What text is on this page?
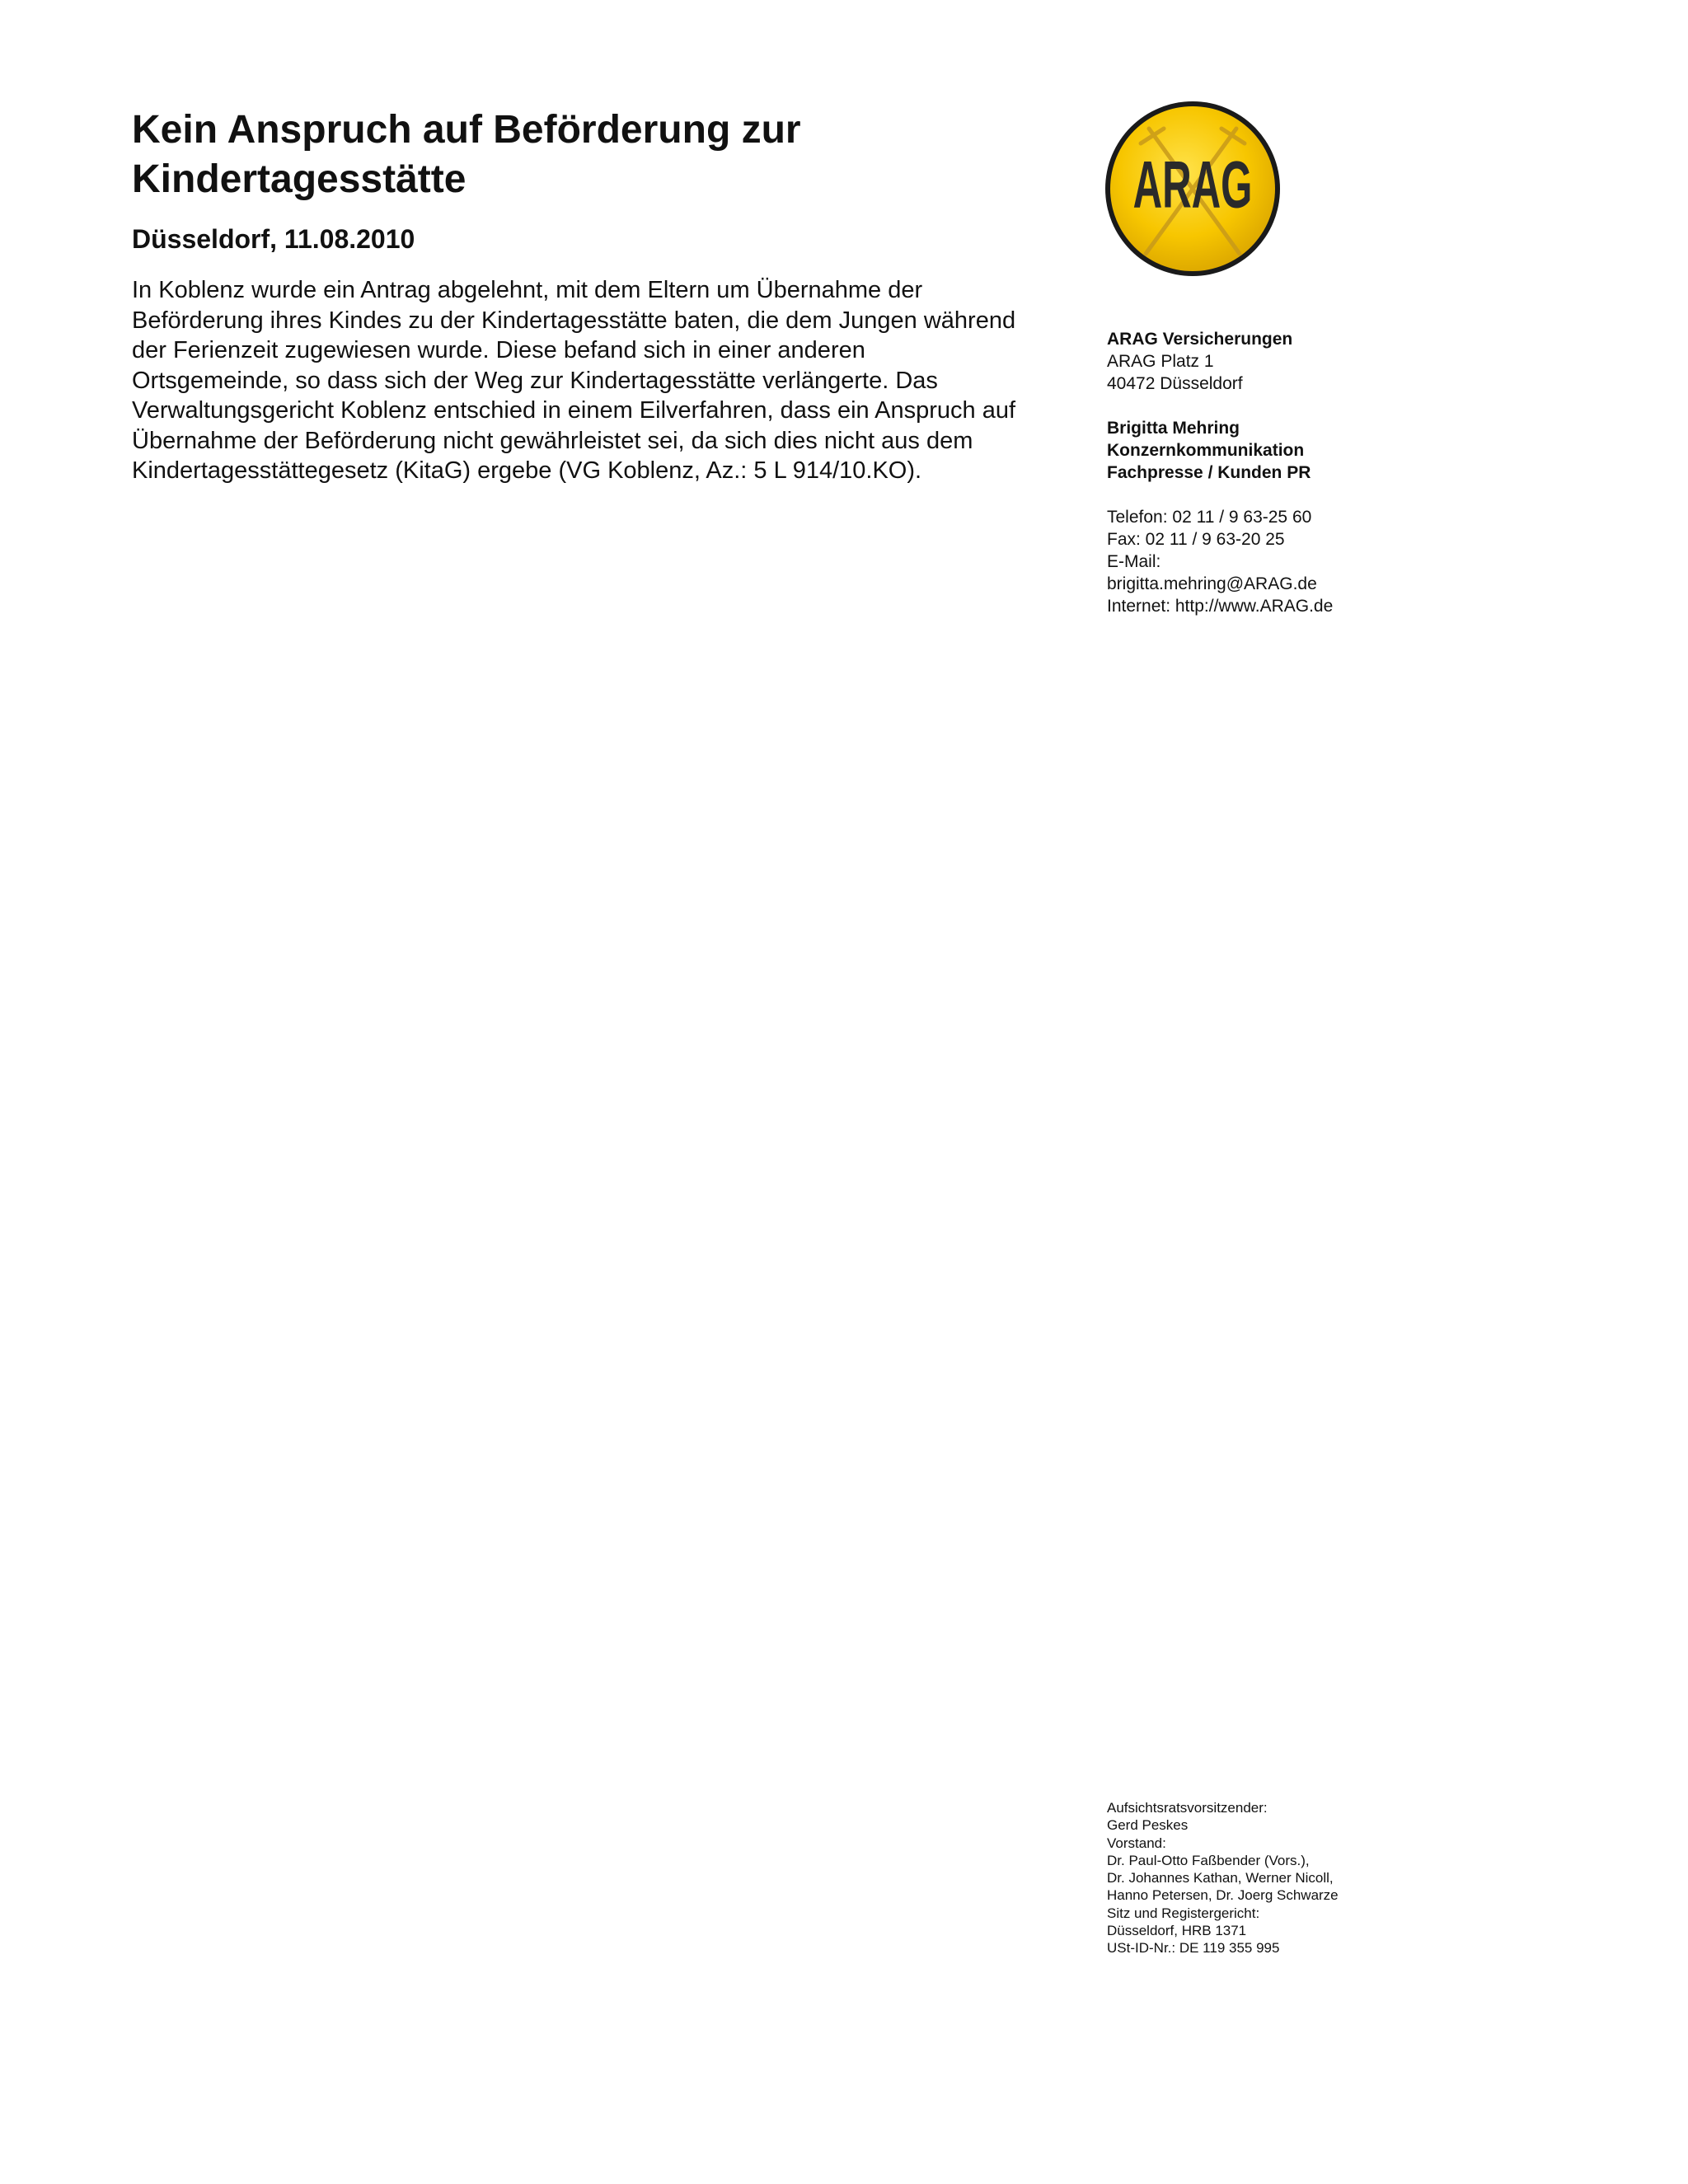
Kein Anspruch auf Beförderung zur Kindertagesstätte
Düsseldorf, 11.08.2010

In Koblenz wurde ein Antrag abgelehnt, mit dem Eltern um Übernahme der Beförderung ihres Kindes zu der Kindertagesstätte baten, die dem Jungen während der Ferienzeit zugewiesen wurde. Diese befand sich in einer anderen Ortsgemeinde, so dass sich der Weg zur Kindertagesstätte verlängerte. Das Verwaltungsgericht Koblenz entschied in einem Eilverfahren, dass ein Anspruch auf Übernahme der Beförderung nicht gewährleistet sei, da sich dies nicht aus dem Kindertagesstättegesetz (KitaG) ergebe (VG Koblenz, Az.: 5 L 914/10.KO).

ARAG
ARAG Versicherungen
ARAG Platz 1
40472 Düsseldorf
Brigitta Mehring
Konzernkommunikation
Fachpresse / Kunden PR
Telefon: 02 11 / 9 63-25 60
Fax: 02 11 / 9 63-20 25
E-Mail:
brigitta.mehring@ARAG.de
Internet: http://www.ARAG.de
Aufsichtsratsvorsitzender:
Gerd Peskes
Vorstand:
Dr. Paul-Otto Faßbender (Vors.),
Dr. Johannes Kathan, Werner Nicoll,
Hanno Petersen, Dr. Joerg Schwarze
Sitz und Registergericht:
Düsseldorf, HRB 1371
USt-ID-Nr.: DE 119 355 995
